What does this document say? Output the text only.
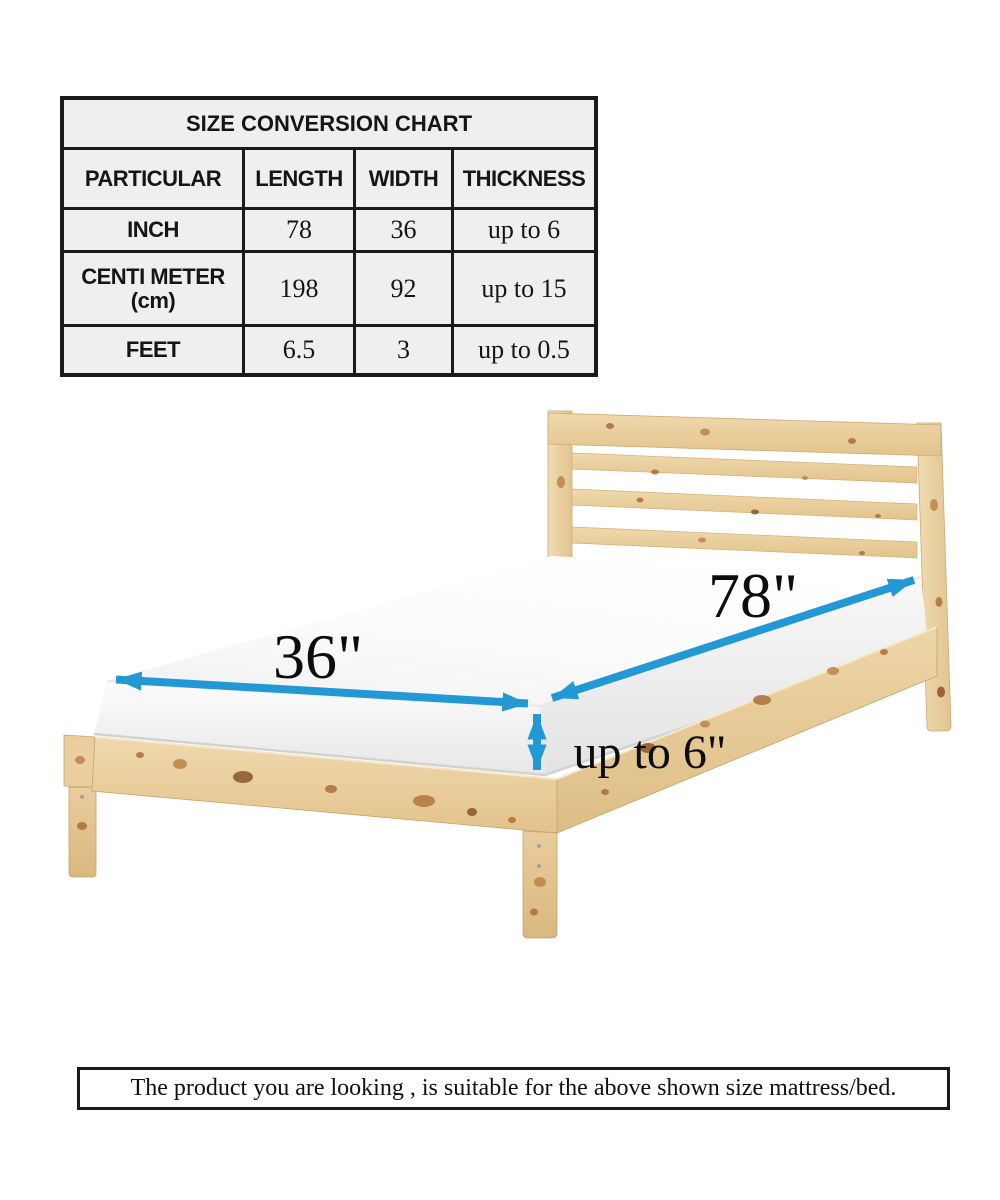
SIZE CONVERSION CHART
PARTICULAR	LENGTH	WIDTH	THICKNESS
INCH	78	36	up to 6
CENTI METER
(cm)	198	92	up to 15
FEET	6.5	3	up to 0.5
78"
36"
up to 6"
The product you are looking , is suitable for the above shown size mattress/bed.
